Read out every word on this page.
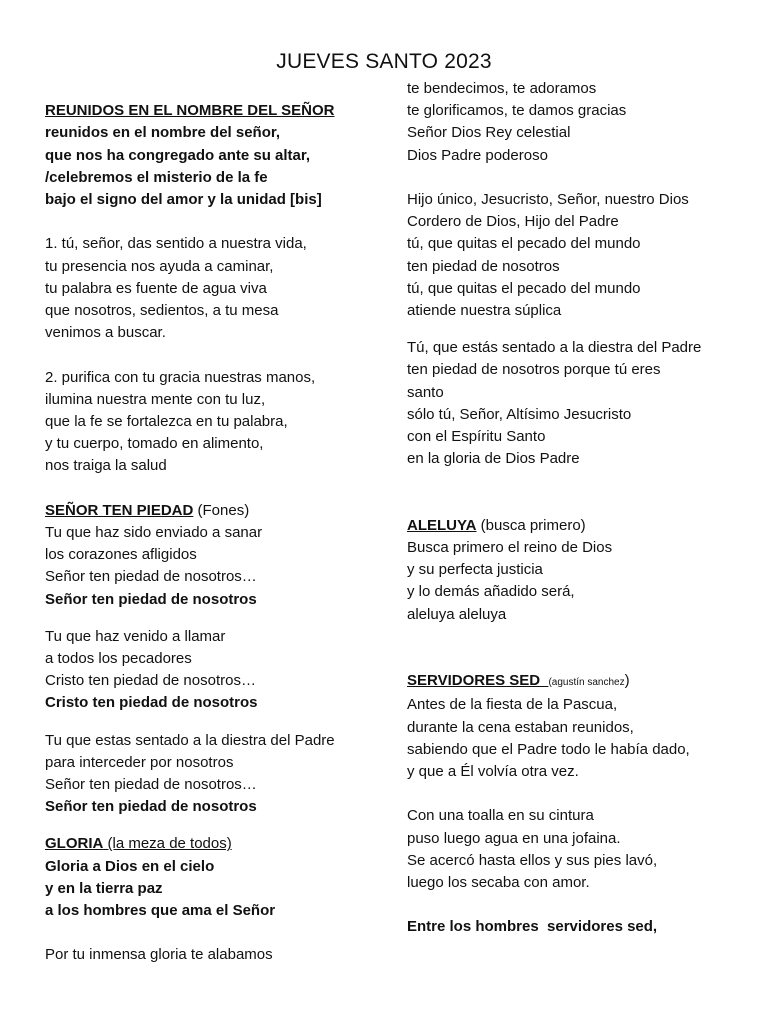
JUEVES SANTO 2023
REUNIDOS EN EL NOMBRE DEL SEÑOR
reunidos en el nombre del señor,
que nos ha congregado ante su altar,
/celebremos el misterio de la fe
bajo el signo del amor y la unidad [bis]
1. tú, señor, das sentido a nuestra vida,
tu presencia nos ayuda a caminar,
tu palabra es fuente de agua viva
que nosotros, sedientos, a tu mesa
venimos a buscar.
2. purifica con tu gracia nuestras manos,
ilumina nuestra mente con tu luz,
que la fe se fortalezca en tu palabra,
y tu cuerpo, tomado en alimento,
nos traiga la salud
SEÑOR TEN PIEDAD (Fones)
Tu que haz sido enviado a sanar
los corazones afligidos
Señor ten piedad de nosotros…
Señor ten piedad de nosotros
Tu que haz venido a llamar
a todos los pecadores
Cristo ten piedad de nosotros…
Cristo ten piedad de nosotros
Tu que estas sentado a la diestra del Padre
para interceder por nosotros
Señor ten piedad de nosotros…
Señor ten piedad de nosotros
GLORIA (la meza de todos)
Gloria a Dios en el cielo
y en la tierra paz
a los hombres que ama el Señor
Por tu inmensa gloria te alabamos
te bendecimos, te adoramos
te glorificamos, te damos gracias
Señor Dios Rey celestial
Dios Padre poderoso
Hijo único, Jesucristo, Señor, nuestro Dios
Cordero de Dios, Hijo del Padre
tú, que quitas el pecado del mundo
ten piedad de nosotros
tú, que quitas el pecado del mundo
atiende nuestra súplica
Tú, que estás sentado a la diestra del Padre
ten piedad de nosotros porque tú eres
santo
sólo tú, Señor, Altísimo Jesucristo
con el Espíritu Santo
en la gloria de Dios Padre
ALELUYA (busca primero)
Busca primero el reino de Dios
y su perfecta justicia
y lo demás añadido será,
aleluya aleluya
SERVIDORES SED  (agustín sanchez)
Antes de la fiesta de la Pascua,
durante la cena estaban reunidos,
sabiendo que el Padre todo le había dado,
y que a Él volvía otra vez.
Con una toalla en su cintura
puso luego agua en una jofaina.
Se acercó hasta ellos y sus pies lavó,
luego los secaba con amor.
Entre los hombres  servidores sed,
